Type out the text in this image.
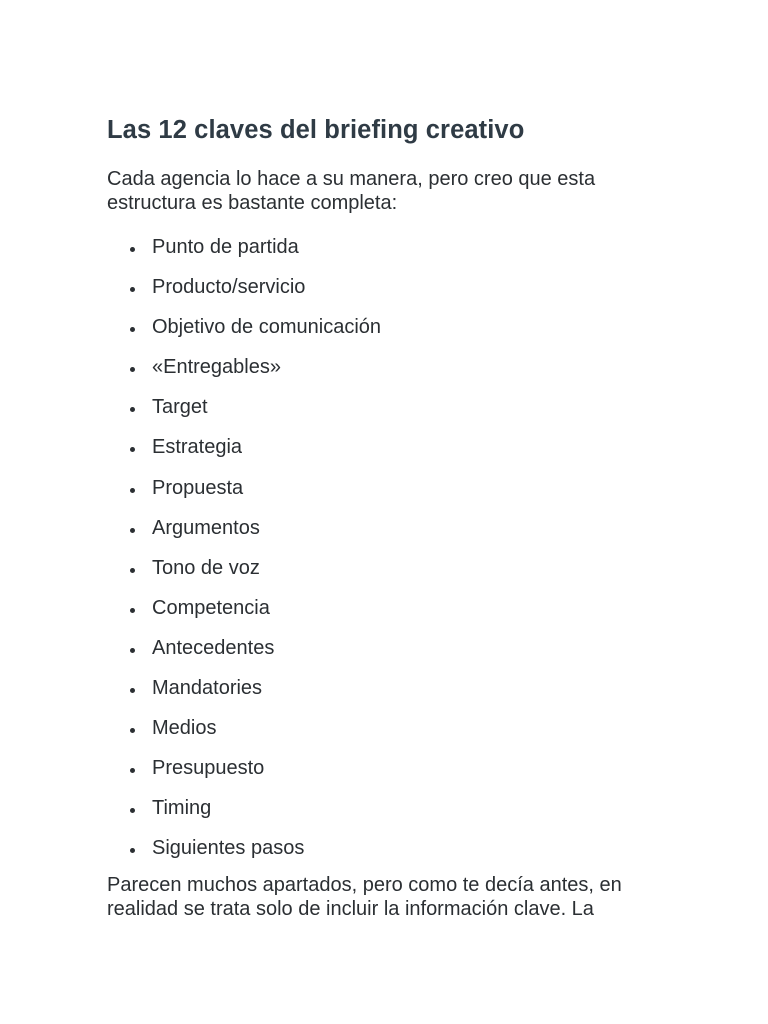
Las 12 claves del briefing creativo

Cada agencia lo hace a su manera, pero creo que esta estructura es bastante completa:

Punto de partida
Producto/servicio
Objetivo de comunicación
«Entregables»
Target
Estrategia
Propuesta
Argumentos
Tono de voz
Competencia
Antecedentes
Mandatories
Medios
Presupuesto
Timing
Siguientes pasos

Parecen muchos apartados, pero como te decía antes, en realidad se trata solo de incluir la información clave. La
